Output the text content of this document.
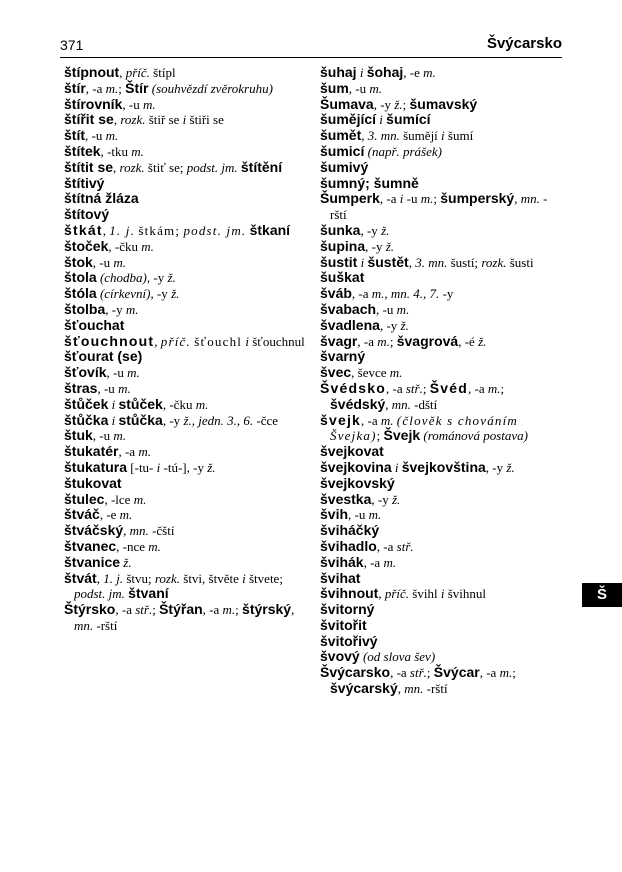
371	Švýcarsko
štípnout, příč. štípl
štír, -a m.; Štír (souhvězdí zvěrokruhu)
štírovník, -u m.
štířit se, rozk. štiř se i štiři se
štít, -u m.
štítek, -tku m.
štítit se, rozk. štiť se; podst. jm. štítění
štítivý
štítná žláza
štítový
štkát, 1. j. štkám; podst. jm. štkaní
štoček, -čku m.
štok, -u m.
štola (chodba), -y ž.
štóla (církevní), -y ž.
štolba, -y m.
šťouchat
šťouchnout, příč. šťouchl i šťouchnul
šťourat (se)
šťovík, -u m.
štras, -u m.
štůček i stůček, -čku m.
štůčka i stůčka, -y ž., jedn. 3., 6. -čce
štuk, -u m.
štukatér, -a m.
štukatura [-tu- i -tú-], -y ž.
štukovat
štulec, -lce m.
štváč, -e m.
štváčský, mn. -čští
štvanec, -nce m.
štvanice ž.
štvát, 1. j. štvu; rozk. štvi, štvěte i štvete; podst. jm. štvaní
Štýrsko, -a stř.; Štýřan, -a m.; štýrský, mn. -rští
šuhaj i šohaj, -e m.
šum, -u m.
Šumava, -y ž.; šumavský
šumějící i šumící
šumět, 3. mn. šumějí i šumí
šumicí (např. prášek)
šumivý
šumný; šumně
Šumperk, -a i -u m.; šumperský, mn. -rští
šunka, -y ž.
šupina, -y ž.
šustit i šustět, 3. mn. šustí; rozk. šusti
šuškat
šváb, -a m., mn. 4., 7. -y
švabach, -u m.
švadlena, -y ž.
švagr, -a m.; švagrová, -é ž.
švarný
švec, ševce m.
Švédsko, -a stř.; Švéd, -a m.; švédský, mn. -dští
švejk, -a m. (člověk s chováním Švejka); Švejk (románová postava)
švejkovat
švejkovina i švejkovština, -y ž.
švejkovský
švestka, -y ž.
švih, -u m.
šviháčký
švihadlo, -a stř.
švihák, -a m.
švihat
švihnout, příč. švihl i švihnul
švitorný
švitořit
švitořivý
švový (od slova šev)
Švýcarsko, -a stř.; Švýcar, -a m.; švýcarský, mn. -rští
Š
